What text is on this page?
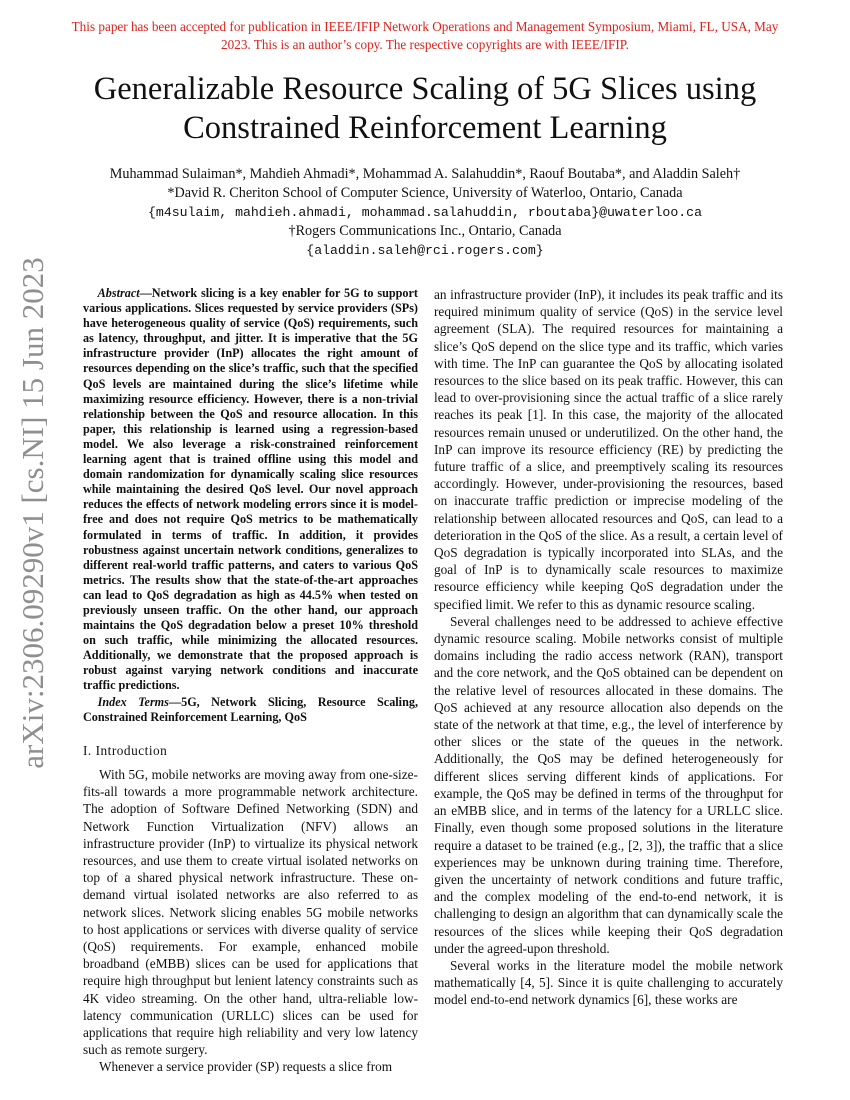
This paper has been accepted for publication in IEEE/IFIP Network Operations and Management Symposium, Miami, FL, USA, May 2023. This is an author’s copy. The respective copyrights are with IEEE/IFIP.
Generalizable Resource Scaling of 5G Slices using Constrained Reinforcement Learning
Muhammad Sulaiman*, Mahdieh Ahmadi*, Mohammad A. Salahuddin*, Raouf Boutaba*, and Aladdin Saleh†
*David R. Cheriton School of Computer Science, University of Waterloo, Ontario, Canada
{m4sulaim, mahdieh.ahmadi, mohammad.salahuddin, rboutaba}@uwaterloo.ca
†Rogers Communications Inc., Ontario, Canada
{aladdin.saleh@rci.rogers.com}
arXiv:2306.09290v1 [cs.NI] 15 Jun 2023	Abstract—Network slicing is a key enabler for 5G to support various applications. Slices requested by service providers (SPs) have heterogeneous quality of service (QoS) requirements, such as latency, throughput, and jitter. It is imperative that the 5G infrastructure provider (InP) allocates the right amount of resources depending on the slice’s traffic, such that the specified QoS levels are maintained during the slice’s lifetime while maximizing resource efficiency. However, there is a non-trivial relationship between the QoS and resource allocation. In this paper, this relationship is learned using a regression-based model. We also leverage a risk-constrained reinforcement learning agent that is trained offline using this model and domain randomization for dynamically scaling slice resources while maintaining the desired QoS level. Our novel approach reduces the effects of network modeling errors since it is model-free and does not require QoS metrics to be mathematically formulated in terms of traffic. In addition, it provides robustness against uncertain network conditions, generalizes to different real-world traffic patterns, and caters to various QoS metrics. The results show that the state-of-the-art approaches can lead to QoS degradation as high as 44.5% when tested on previously unseen traffic. On the other hand, our approach maintains the QoS degradation below a preset 10% threshold on such traffic, while minimizing the allocated resources. Additionally, we demonstrate that the proposed approach is robust against varying network conditions and inaccurate traffic predictions.

Index Terms—5G, Network Slicing, Resource Scaling, Constrained Reinforcement Learning, QoS

I. Introduction

With 5G, mobile networks are moving away from one-size-fits-all towards a more programmable network architecture. The adoption of Software Defined Networking (SDN) and Network Function Virtualization (NFV) allows an infrastructure provider (InP) to virtualize its physical network resources, and use them to create virtual isolated networks on top of a shared physical network infrastructure. These on-demand virtual isolated networks are also referred to as network slices. Network slicing enables 5G mobile networks to host applications or services with diverse quality of service (QoS) requirements. For example, enhanced mobile broadband (eMBB) slices can be used for applications that require high throughput but lenient latency constraints such as 4K video streaming. On the other hand, ultra-reliable low-latency communication (URLLC) slices can be used for applications that require high reliability and very low latency such as remote surgery.

Whenever a service provider (SP) requests a slice from

an infrastructure provider (InP), it includes its peak traffic and its required minimum quality of service (QoS) in the service level agreement (SLA). The required resources for maintaining a slice’s QoS depend on the slice type and its traffic, which varies with time. The InP can guarantee the QoS by allocating isolated resources to the slice based on its peak traffic. However, this can lead to over-provisioning since the actual traffic of a slice rarely reaches its peak [1]. In this case, the majority of the allocated resources remain unused or underutilized. On the other hand, the InP can improve its resource efficiency (RE) by predicting the future traffic of a slice, and preemptively scaling its resources accordingly. However, under-provisioning the resources, based on inaccurate traffic prediction or imprecise modeling of the relationship between allocated resources and QoS, can lead to a deterioration in the QoS of the slice. As a result, a certain level of QoS degradation is typically incorporated into SLAs, and the goal of InP is to dynamically scale resources to maximize resource efficiency while keeping QoS degradation under the specified limit. We refer to this as dynamic resource scaling.

Several challenges need to be addressed to achieve effective dynamic resource scaling. Mobile networks consist of multiple domains including the radio access network (RAN), transport and the core network, and the QoS obtained can be dependent on the relative level of resources allocated in these domains. The QoS achieved at any resource allocation also depends on the state of the network at that time, e.g., the level of interference by other slices or the state of the queues in the network. Additionally, the QoS may be defined heterogeneously for different slices serving different kinds of applications. For example, the QoS may be defined in terms of the throughput for an eMBB slice, and in terms of the latency for a URLLC slice. Finally, even though some proposed solutions in the literature require a dataset to be trained (e.g., [2, 3]), the traffic that a slice experiences may be unknown during training time. Therefore, given the uncertainty of network conditions and future traffic, and the complex modeling of the end-to-end network, it is challenging to design an algorithm that can dynamically scale the resources of the slices while keeping their QoS degradation under the agreed-upon threshold.

Several works in the literature model the mobile network mathematically [4, 5]. Since it is quite challenging to accurately model end-to-end network dynamics [6], these works are
